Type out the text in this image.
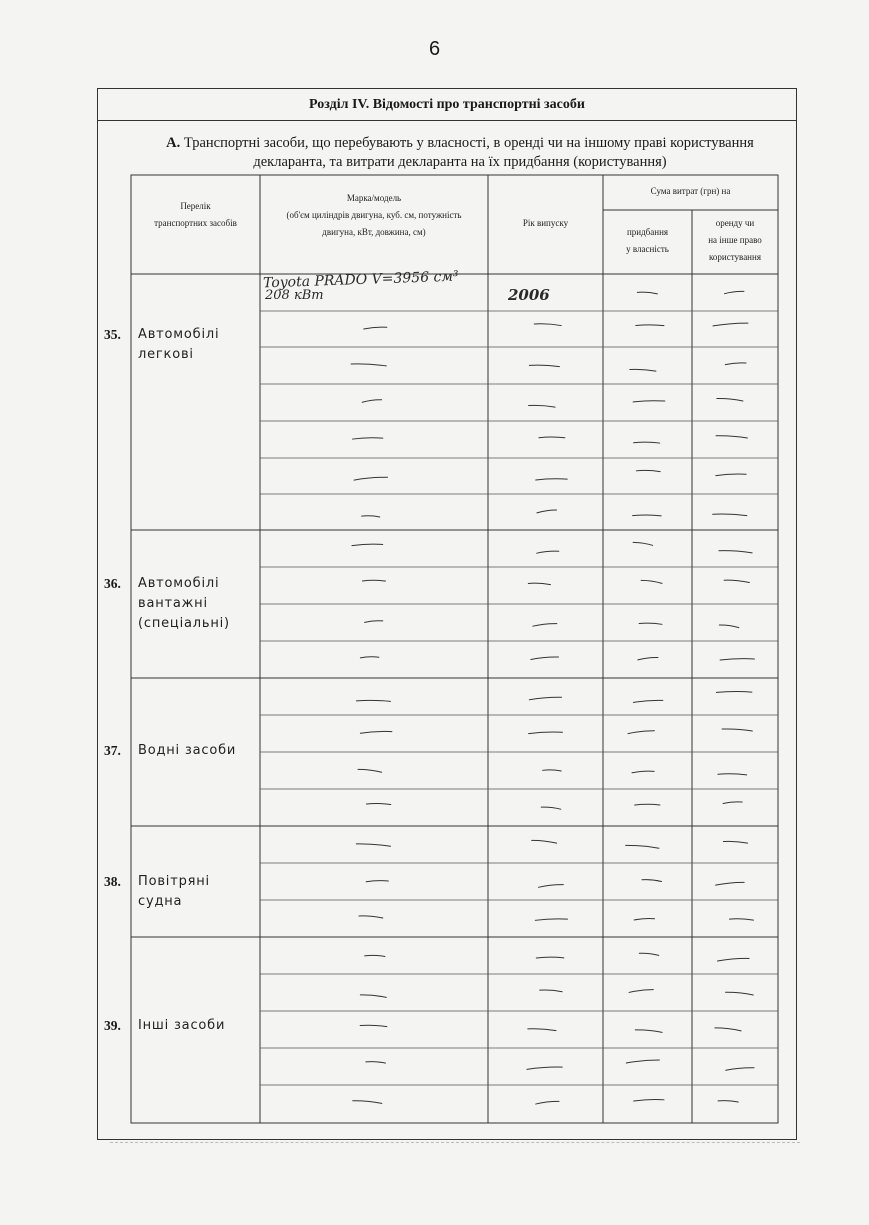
6
Розділ IV. Відомості про транспортні засоби
А. Транспортні засоби, що перебувають у власності, в оренді чи на іншому праві користування
декларанта, та витрати декларанта на їх придбання (користування)
Перелік
транспортних засобів
Марка/модель
(об'єм циліндрів двигуна, куб. см, потужність
двигуна, кВт, довжина, см)
Рік випуску
Сума витрат (грн) на
придбання
у власність
оренду чи
на інше право
користування
35. Автомобілі легкові
36. Автомобілі вантажні (спеціальні)
37. Водні засоби
38. Повітряні судна
39. Інші засоби
Toyota PRADO V=3956 см³
208 кВт	2006
